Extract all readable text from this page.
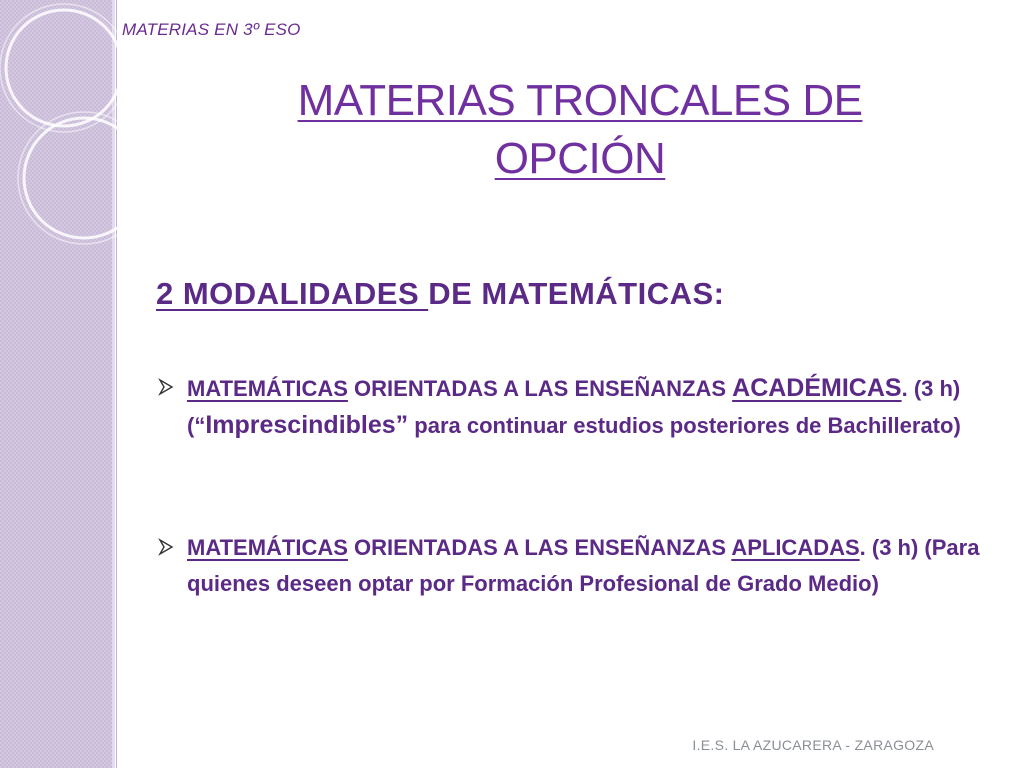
MATERIAS EN 3º ESO
MATERIAS TRONCALES DE
OPCIÓN
2 MODALIDADES DE MATEMÁTICAS:
MATEMÁTICAS ORIENTADAS A LAS ENSEÑANZAS ACADÉMICAS. (3 h) (“Imprescindibles” para continuar estudios posteriores de Bachillerato)
MATEMÁTICAS ORIENTADAS A LAS ENSEÑANZAS APLICADAS. (3 h) (Para quienes deseen optar por Formación Profesional de Grado Medio)
I.E.S. LA AZUCARERA - ZARAGOZA
